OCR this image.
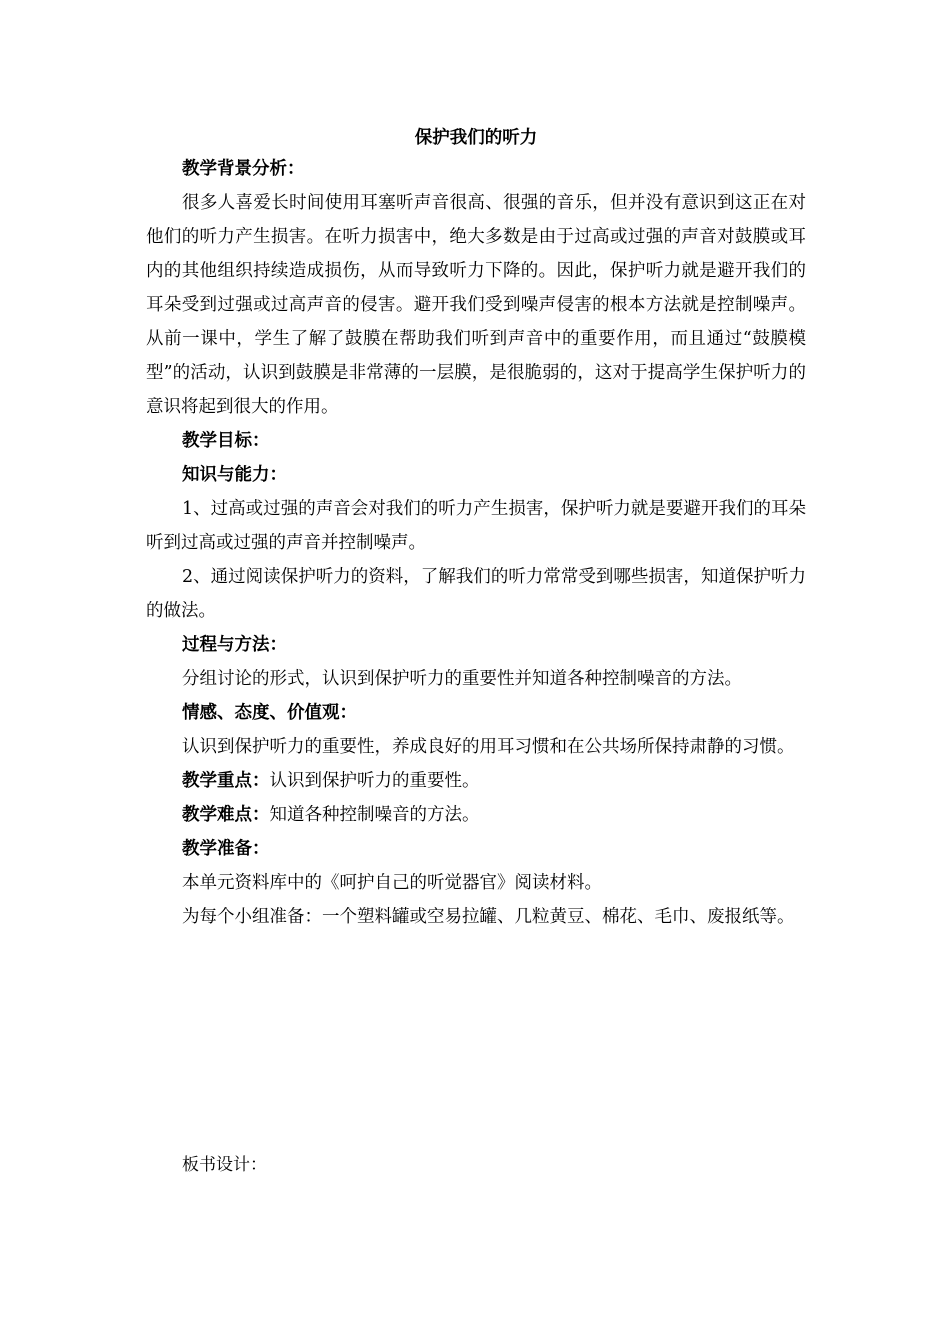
保护我们的听力
教学背景分析：

很多人喜爱长时间使用耳塞听声音很高、很强的音乐，但并没有意识到这正在对他们的听力产生损害。在听力损害中，绝大多数是由于过高或过强的声音对鼓膜或耳内的其他组织持续造成损伤，从而导致听力下降的。因此，保护听力就是避开我们的耳朵受到过强或过高声音的侵害。避开我们受到噪声侵害的根本方法就是控制噪声。从前一课中，学生了解了鼓膜在帮助我们听到声音中的重要作用，而且通过“鼓膜模型”的活动，认识到鼓膜是非常薄的一层膜，是很脆弱的，这对于提高学生保护听力的意识将起到很大的作用。

教学目标：
知识与能力：

1、过高或过强的声音会对我们的听力产生损害，保护听力就是要避开我们的耳朵听到过高或过强的声音并控制噪声。

2、通过阅读保护听力的资料，了解我们的听力常常受到哪些损害，知道保护听力的做法。

过程与方法：

分组讨论的形式，认识到保护听力的重要性并知道各种控制噪音的方法。

情感、态度、价值观：

认识到保护听力的重要性，养成良好的用耳习惯和在公共场所保持肃静的习惯。

教学重点：认识到保护听力的重要性。

教学难点：知道各种控制噪音的方法。

教学准备：

本单元资料库中的《呵护自己的听觉器官》阅读材料。

为每个小组准备：一个塑料罐或空易拉罐、几粒黄豆、棉花、毛巾、废报纸等。

板书设计：
